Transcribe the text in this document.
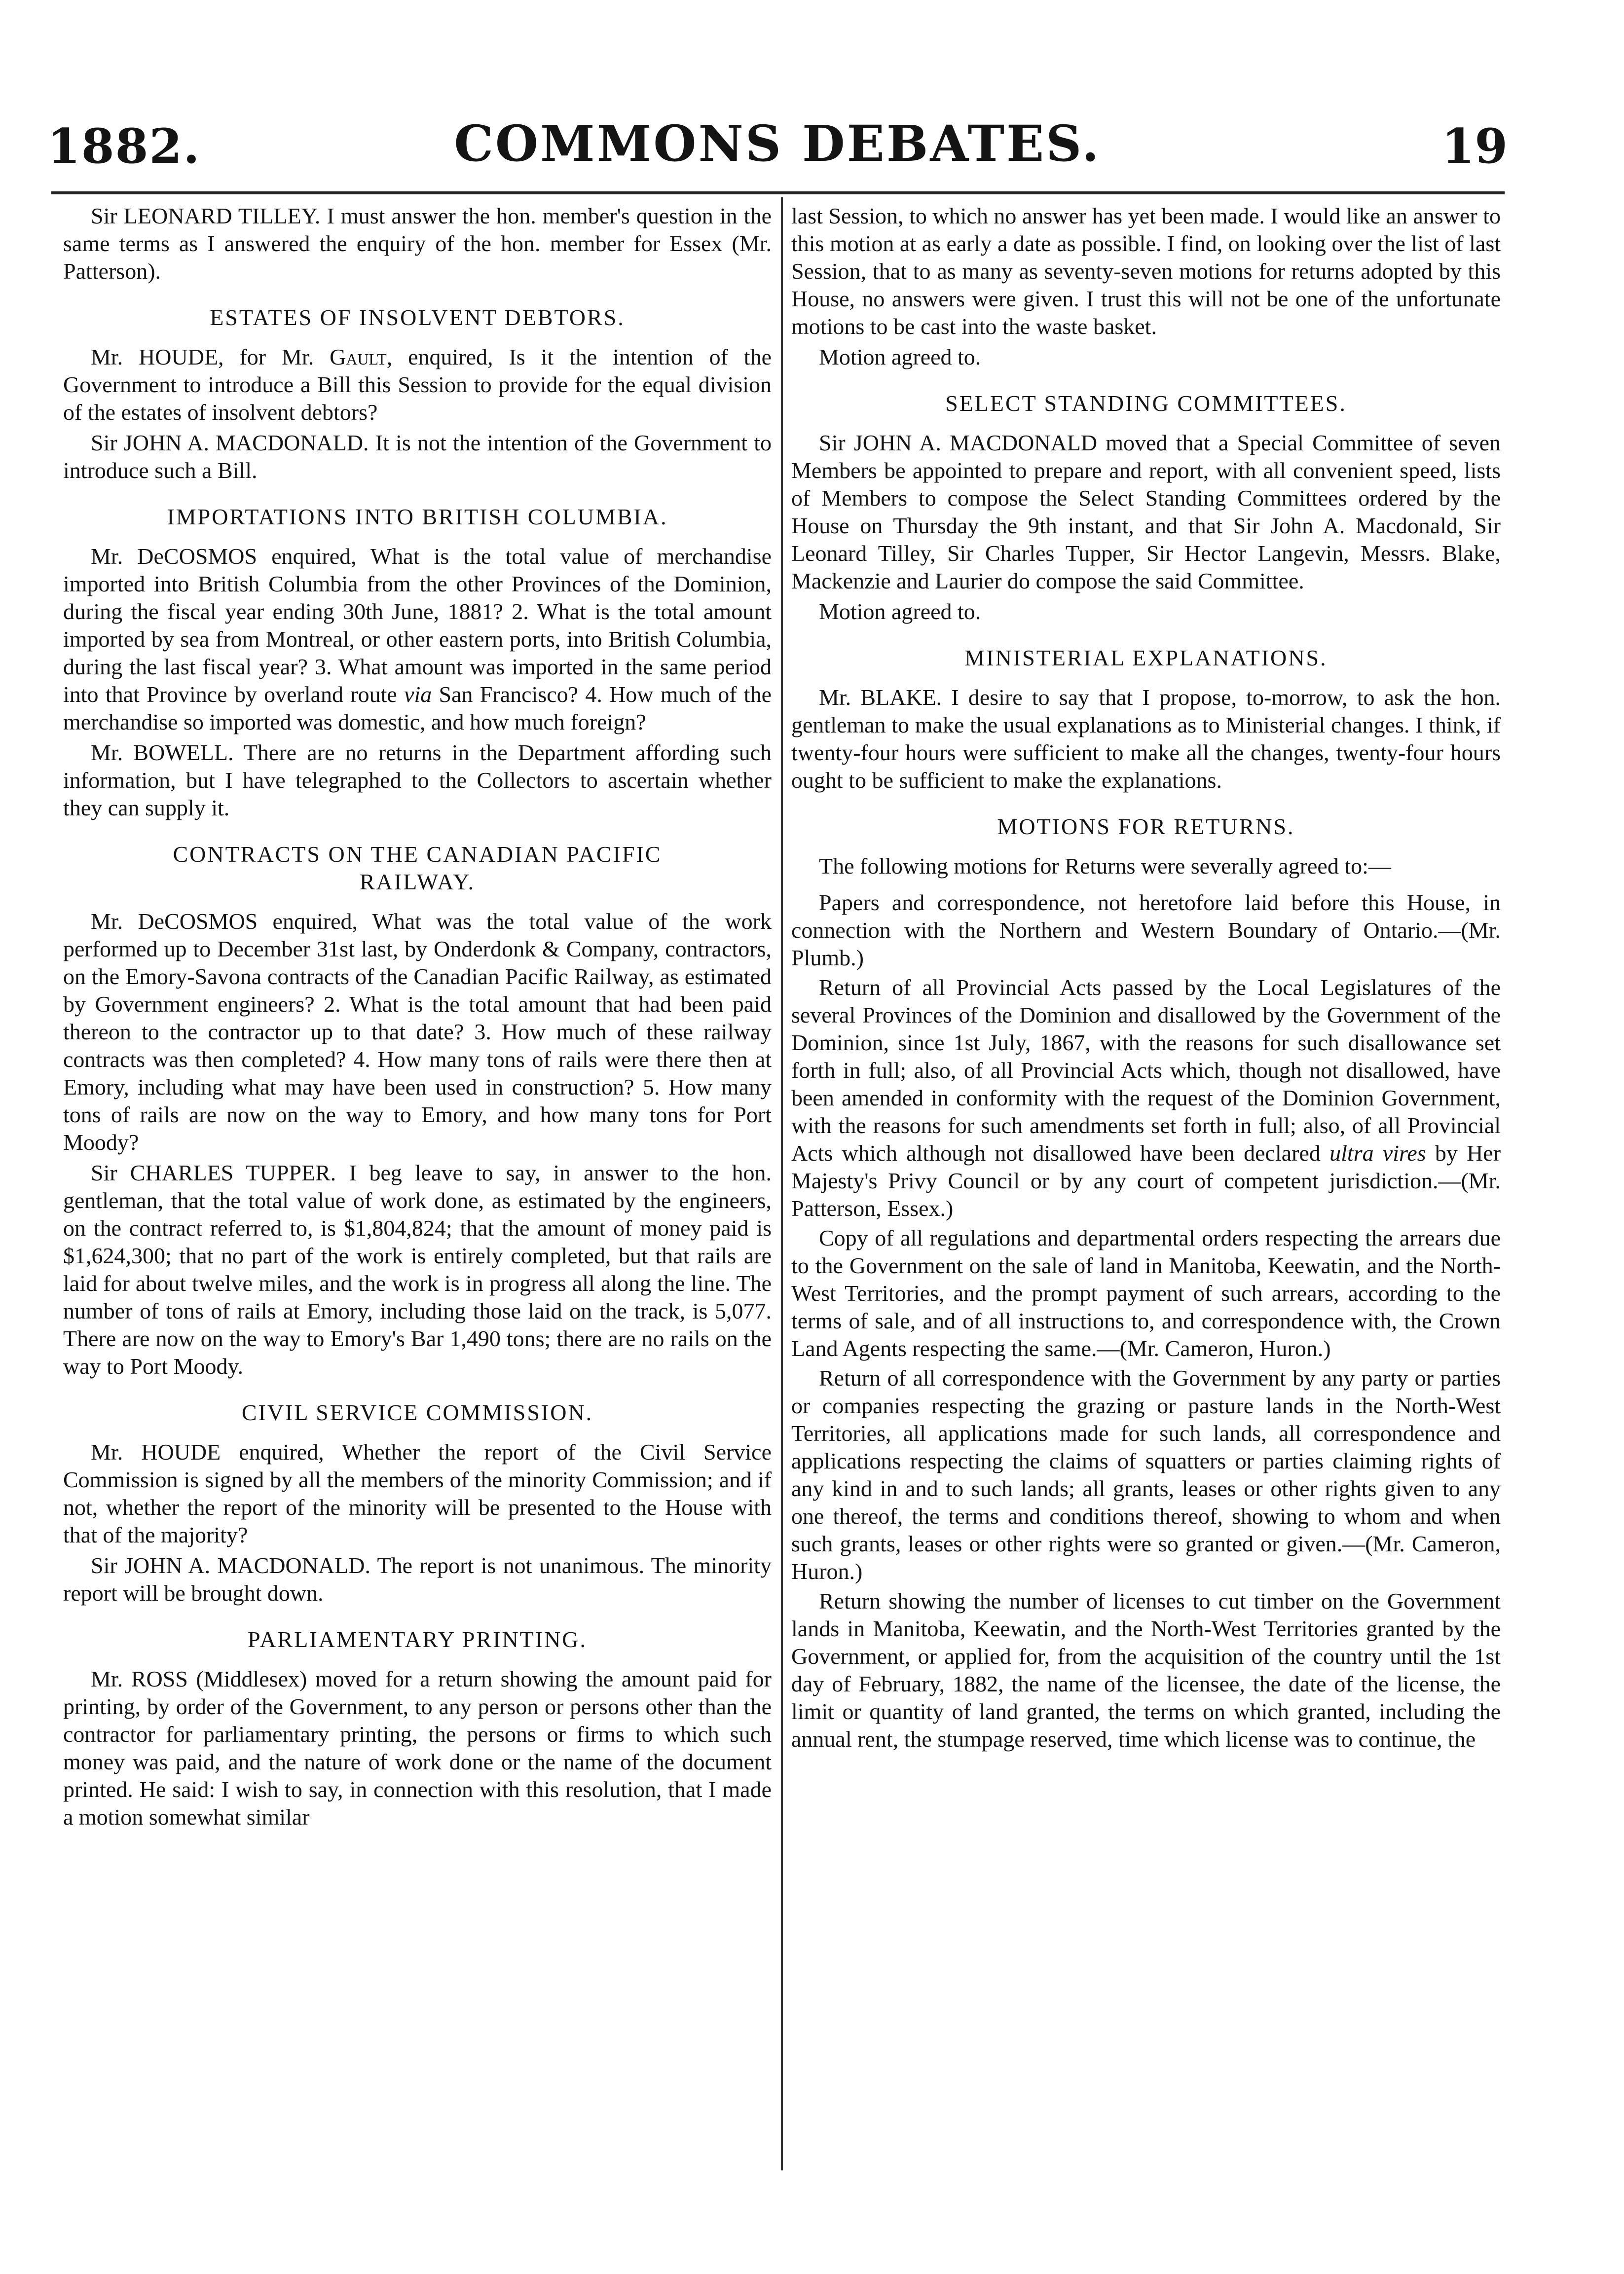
1882.	COMMONS DEBATES.	19

Sir LEONARD TILLEY. I must answer the hon. member's question in the same terms as I answered the enquiry of the hon. member for Essex (Mr. Patterson).

ESTATES OF INSOLVENT DEBTORS.

Mr. HOUDE, for Mr. Gault, enquired, Is it the intention of the Government to introduce a Bill this Session to provide for the equal division of the estates of insolvent debtors?

Sir JOHN A. MACDONALD. It is not the intention of the Government to introduce such a Bill.

IMPORTATIONS INTO BRITISH COLUMBIA.

Mr. DeCOSMOS enquired, What is the total value of merchandise imported into British Columbia from the other Provinces of the Dominion, during the fiscal year ending 30th June, 1881? 2. What is the total amount imported by sea from Montreal, or other eastern ports, into British Columbia, during the last fiscal year? 3. What amount was imported in the same period into that Province by overland route via San Francisco? 4. How much of the merchandise so imported was domestic, and how much foreign?

Mr. BOWELL. There are no returns in the Department affording such information, but I have telegraphed to the Collectors to ascertain whether they can supply it.

CONTRACTS ON THE CANADIAN PACIFIC
RAILWAY.

Mr. DeCOSMOS enquired, What was the total value of the work performed up to December 31st last, by Onderdonk & Company, contractors, on the Emory-Savona contracts of the Canadian Pacific Railway, as estimated by Government engineers? 2. What is the total amount that had been paid thereon to the contractor up to that date? 3. How much of these railway contracts was then completed? 4. How many tons of rails were there then at Emory, including what may have been used in construction? 5. How many tons of rails are now on the way to Emory, and how many tons for Port Moody?

Sir CHARLES TUPPER. I beg leave to say, in answer to the hon. gentleman, that the total value of work done, as estimated by the engineers, on the contract referred to, is $1,804,824; that the amount of money paid is $1,624,300; that no part of the work is entirely completed, but that rails are laid for about twelve miles, and the work is in progress all along the line. The number of tons of rails at Emory, including those laid on the track, is 5,077. There are now on the way to Emory's Bar 1,490 tons; there are no rails on the way to Port Moody.

CIVIL SERVICE COMMISSION.

Mr. HOUDE enquired, Whether the report of the Civil Service Commission is signed by all the members of the minority Commission; and if not, whether the report of the minority will be presented to the House with that of the majority?

Sir JOHN A. MACDONALD. The report is not unanimous. The minority report will be brought down.

PARLIAMENTARY PRINTING.

Mr. ROSS (Middlesex) moved for a return showing the amount paid for printing, by order of the Government, to any person or persons other than the contractor for parliamentary printing, the persons or firms to which such money was paid, and the nature of work done or the name of the document printed. He said: I wish to say, in connection with this resolution, that I made a motion somewhat similar

last Session, to which no answer has yet been made. I would like an answer to this motion at as early a date as possible. I find, on looking over the list of last Session, that to as many as seventy-seven motions for returns adopted by this House, no answers were given. I trust this will not be one of the unfortunate motions to be cast into the waste basket.

Motion agreed to.

SELECT STANDING COMMITTEES.

Sir JOHN A. MACDONALD moved that a Special Committee of seven Members be appointed to prepare and report, with all convenient speed, lists of Members to compose the Select Standing Committees ordered by the House on Thursday the 9th instant, and that Sir John A. Macdonald, Sir Leonard Tilley, Sir Charles Tupper, Sir Hector Langevin, Messrs. Blake, Mackenzie and Laurier do compose the said Committee.

Motion agreed to.

MINISTERIAL EXPLANATIONS.

Mr. BLAKE. I desire to say that I propose, to-morrow, to ask the hon. gentleman to make the usual explanations as to Ministerial changes. I think, if twenty-four hours were sufficient to make all the changes, twenty-four hours ought to be sufficient to make the explanations.

MOTIONS FOR RETURNS.

The following motions for Returns were severally agreed to:—

Papers and correspondence, not heretofore laid before this House, in connection with the Northern and Western Boundary of Ontario.—(Mr. Plumb.)

Return of all Provincial Acts passed by the Local Legislatures of the several Provinces of the Dominion and disallowed by the Government of the Dominion, since 1st July, 1867, with the reasons for such disallowance set forth in full; also, of all Provincial Acts which, though not disallowed, have been amended in conformity with the request of the Dominion Government, with the reasons for such amendments set forth in full; also, of all Provincial Acts which although not disallowed have been declared ultra vires by Her Majesty's Privy Council or by any court of competent jurisdiction.—(Mr. Patterson, Essex.)

Copy of all regulations and departmental orders respecting the arrears due to the Government on the sale of land in Manitoba, Keewatin, and the North-West Territories, and the prompt payment of such arrears, according to the terms of sale, and of all instructions to, and correspondence with, the Crown Land Agents respecting the same.—(Mr. Cameron, Huron.)

Return of all correspondence with the Government by any party or parties or companies respecting the grazing or pasture lands in the North-West Territories, all applications made for such lands, all correspondence and applications respecting the claims of squatters or parties claiming rights of any kind in and to such lands; all grants, leases or other rights given to any one thereof, the terms and conditions thereof, showing to whom and when such grants, leases or other rights were so granted or given.—(Mr. Cameron, Huron.)

Return showing the number of licenses to cut timber on the Government lands in Manitoba, Keewatin, and the North-West Territories granted by the Government, or applied for, from the acquisition of the country until the 1st day of February, 1882, the name of the licensee, the date of the license, the limit or quantity of land granted, the terms on which granted, including the annual rent, the stumpage reserved, time which license was to continue, the
